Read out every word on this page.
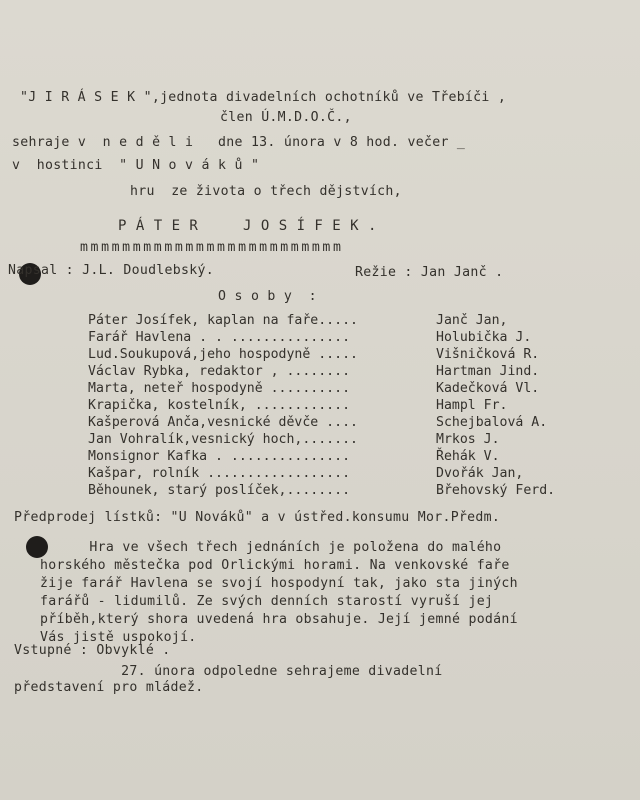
"J I R Á S E K ",jednota divadelních ochotníků ve Třebíči ,
člen Ú.M.D.O.Č.,
sehraje v  n e d ě l i   dne 13. února v 8 hod. večer _
v  hostinci  " U N o v á k ů "
hru  ze života o třech dějstvích,
P Á T E R     J O S Í F E K .
mmmmmmmmmmmmmmmmmmmmmmmmm
Napsal : J.L. Doudlebský.	Režie : Jan Janč .
O s o b y  :
Páter Josífek, kaplan na faře.....	Janč Jan,
Farář Havlena . . ...............	Holubička J.
Lud.Soukupová,jeho hospodyně .....	Višničková R.
Václav Rybka, redaktor , ........	Hartman Jind.
Marta, neteř hospodyně ..........	Kadečková Vl.
Krapička, kostelník, ............	Hampl Fr.
Kašperová Anča,vesnické děvče ....	Schejbalová A.
Jan Vohralík,vesnický hoch,.......	Mrkos J.
Monsignor Kafka . ...............	Řehák V.
Kašpar, rolník ..................	Dvořák Jan,
Běhounek, starý poslíček,........	Břehovský Ferd.
Předprodej lístků: "U Nováků" a v ústřed.konsumu Mor.Předm.
Hra ve všech třech jednáních je položena do malého
horského městečka pod Orlickými horami. Na venkovské faře
žije farář Havlena se svojí hospodyní tak, jako sta jiných
farářů - lidumilů. Ze svých denních starostí vyruší jej
příběh,který shora uvedená hra obsahuje. Její jemné podání
Vás jistě uspokojí.
Vstupné : Obvyklé .
27. února odpoledne sehrajeme divadelní
představení pro mládež.
